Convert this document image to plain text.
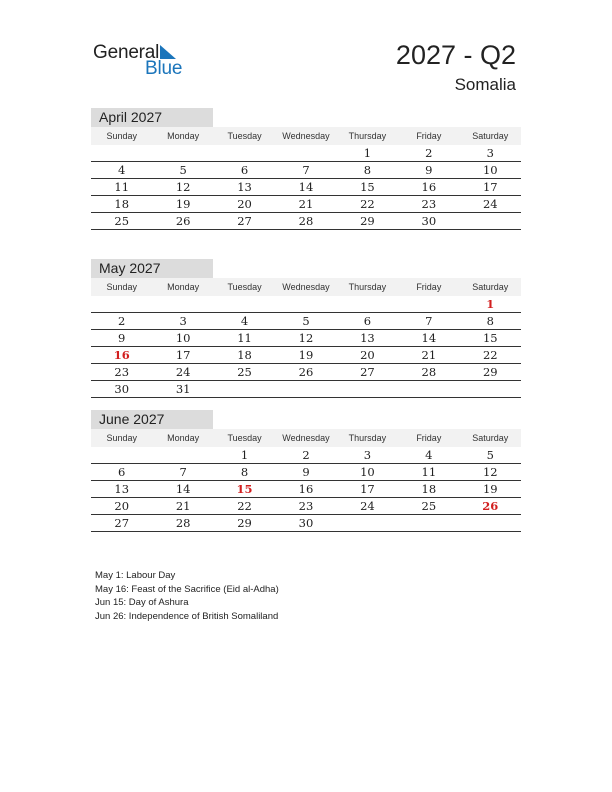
General
Blue	2027 - Q2
Somalia
April 2027
Sunday	Monday	Tuesday	Wednesday	Thursday	Friday	Saturday
				1	2	3
4	5	6	7	8	9	10
11	12	13	14	15	16	17
18	19	20	21	22	23	24
25	26	27	28	29	30	
May 2027
Sunday	Monday	Tuesday	Wednesday	Thursday	Friday	Saturday
						1
2	3	4	5	6	7	8
9	10	11	12	13	14	15
16	17	18	19	20	21	22
23	24	25	26	27	28	29
30	31					
June 2027
Sunday	Monday	Tuesday	Wednesday	Thursday	Friday	Saturday
		1	2	3	4	5
6	7	8	9	10	11	12
13	14	15	16	17	18	19
20	21	22	23	24	25	26
27	28	29	30			
May 1: Labour Day
May 16: Feast of the Sacrifice (Eid al-Adha)
Jun 15: Day of Ashura
Jun 26: Independence of British Somaliland
